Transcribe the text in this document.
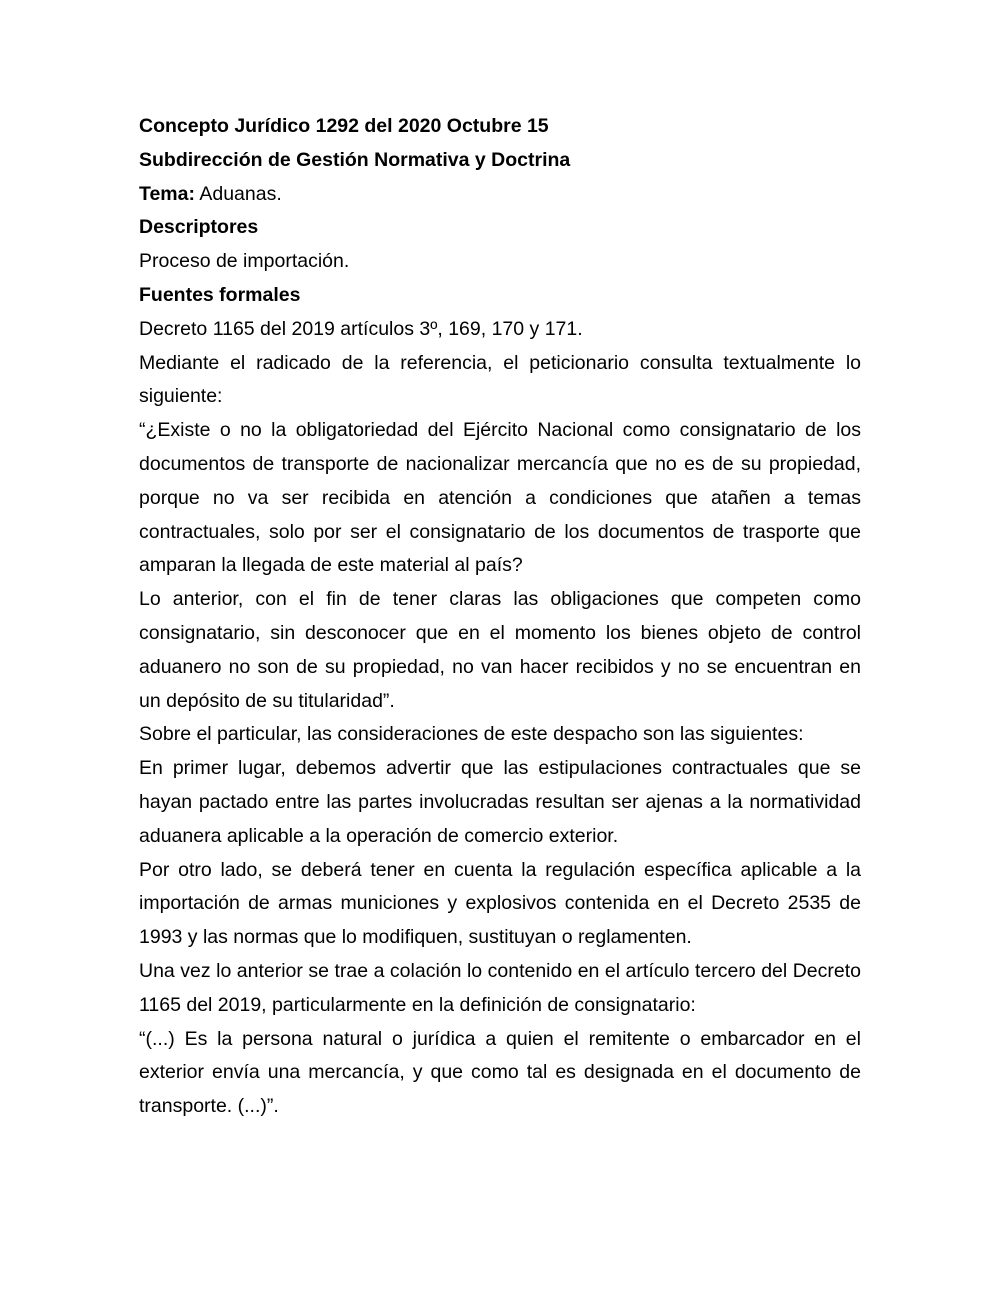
Concepto Jurídico 1292 del 2020 Octubre 15

Subdirección de Gestión Normativa y Doctrina

Tema: Aduanas.

Descriptores

Proceso de importación.

Fuentes formales

Decreto 1165 del 2019 artículos 3º, 169, 170 y 171.

Mediante el radicado de la referencia, el peticionario consulta textualmente lo siguiente:

“¿Existe o no la obligatoriedad del Ejército Nacional como consignatario de los documentos de transporte de nacionalizar mercancía que no es de su propiedad, porque no va ser recibida en atención a condiciones que atañen a temas contractuales, solo por ser el consignatario de los documentos de trasporte que amparan la llegada de este material al país?

Lo anterior, con el fin de tener claras las obligaciones que competen como consignatario, sin desconocer que en el momento los bienes objeto de control aduanero no son de su propiedad, no van hacer recibidos y no se encuentran en un depósito de su titularidad”.

Sobre el particular, las consideraciones de este despacho son las siguientes:

En primer lugar, debemos advertir que las estipulaciones contractuales que se hayan pactado entre las partes involucradas resultan ser ajenas a la normatividad aduanera aplicable a la operación de comercio exterior.

Por otro lado, se deberá tener en cuenta la regulación específica aplicable a la importación de armas municiones y explosivos contenida en el Decreto 2535 de 1993 y las normas que lo modifiquen, sustituyan o reglamenten.

Una vez lo anterior se trae a colación lo contenido en el artículo tercero del Decreto 1165 del 2019, particularmente en la definición de consignatario:

“(...) Es la persona natural o jurídica a quien el remitente o embarcador en el exterior envía una mercancía, y que como tal es designada en el documento de transporte. (...)”.
